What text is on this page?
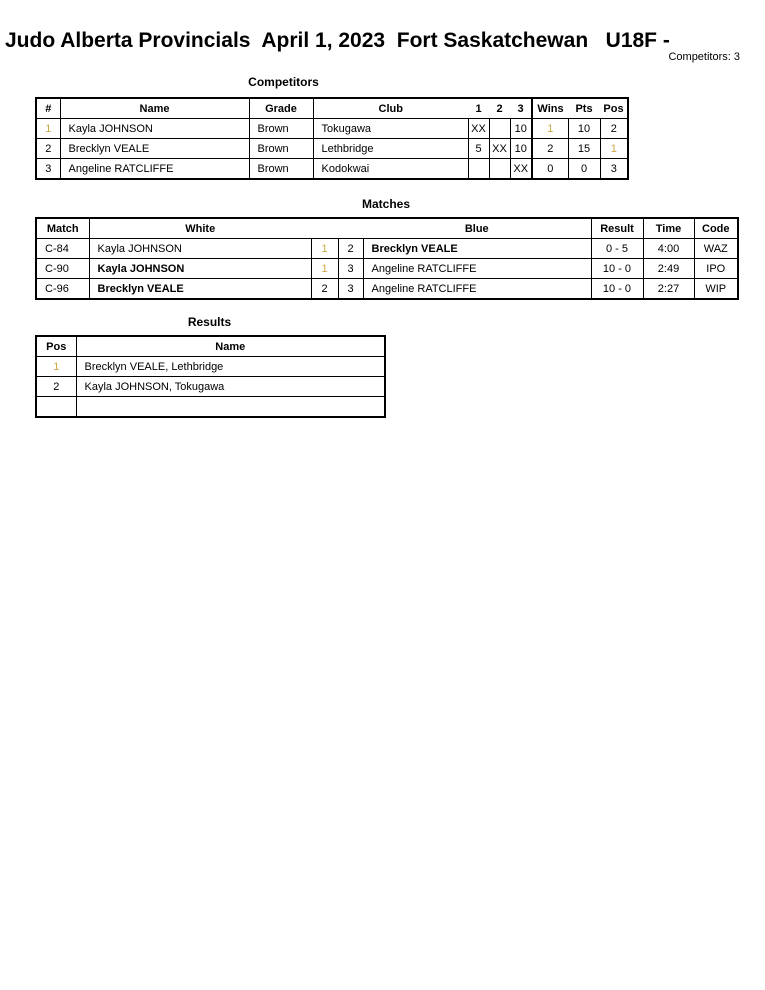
Judo Alberta Provincials  April 1, 2023  Fort Saskatchewan   U18F -
Competitors: 3
Competitors
#	Name	Grade	Club	1	2	3	Wins	Pts	Pos
1	Kayla JOHNSON	Brown	Tokugawa	XX		10	1	10	2
2	Brecklyn VEALE	Brown	Lethbridge	5	XX	10	2	15	1
3	Angeline RATCLIFFE	Brown	Kodokwai			XX	0	0	3
Matches
Match	White			Blue	Result	Time	Code
C-84	Kayla JOHNSON	1	2	Brecklyn VEALE	0 - 5	4:00	WAZ
C-90	Kayla JOHNSON	1	3	Angeline RATCLIFFE	10 - 0	2:49	IPO
C-96	Brecklyn VEALE	2	3	Angeline RATCLIFFE	10 - 0	2:27	WIP
Results
Pos	Name
1	Brecklyn VEALE, Lethbridge
2	Kayla JOHNSON, Tokugawa
